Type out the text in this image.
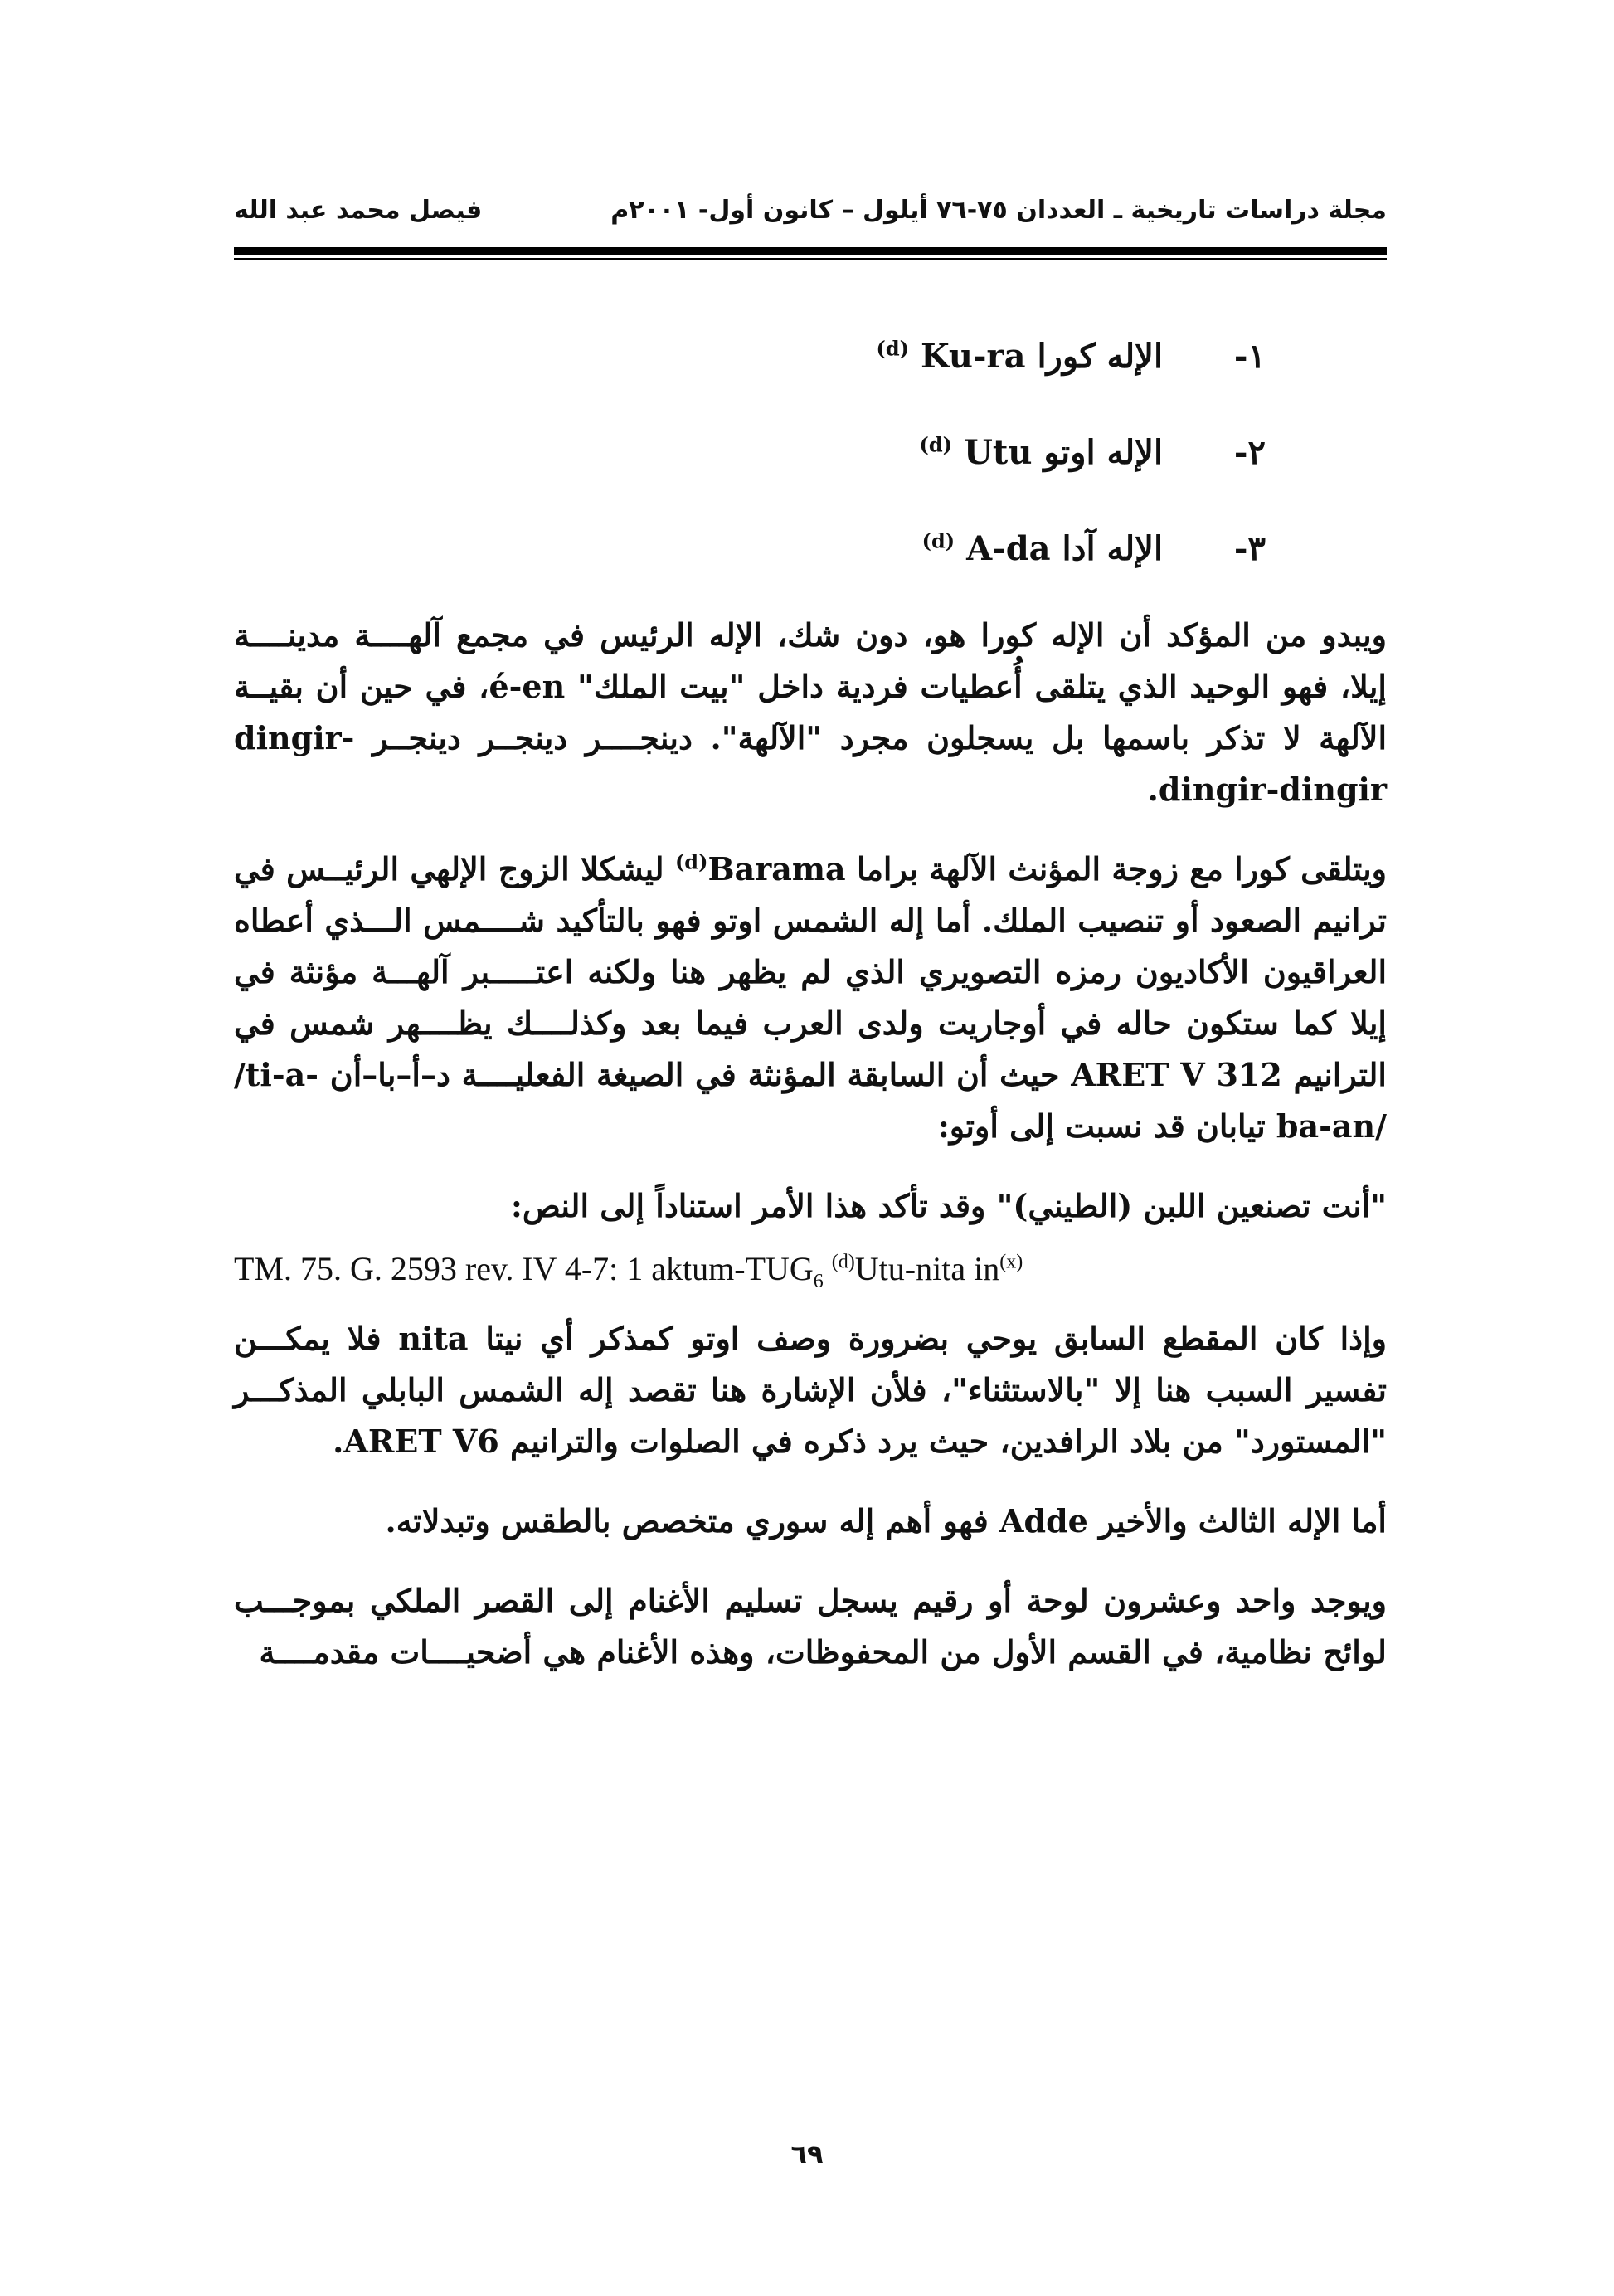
مجلة دراسات تاريخية ـ العددان ٧٥-٧٦ أيلول – كانون أول- ٢٠٠١م
فيصل محمد عبد الله
١- الإله كورا $^{(d)}$ Ku-ra
٢- الإله اوتو $^{(d)}$ Utu
٣- الإله آدا $^{(d)}$ A-da

ويبدو من المؤكد أن الإله كورا هو، دون شك، الإله الرئيس في مجمع آلهــــة مدينــــة إيلا، فهو الوحيد الذي يتلقى أُعطيات فردية داخل "بيت الملك" é-en، في حين أن بقيــة الآلهة لا تذكر باسمها بل يسجلون مجرد "الآلهة". دينجــــر دينجــر دينجــر dingir-dingir-dingir.

ويتلقى كورا مع زوجة المؤنث الآلهة براما $^{(d)}$Barama ليشكلا الزوج الإلهي الرئيــس في ترانيم الصعود أو تنصيب الملك. أما إله الشمس اوتو فهو بالتأكيد شــــمس الـــذي أعطاه العراقيون الأكاديون رمزه التصويري الذي لم يظهر هنا ولكنه اعتـــــبر آلهـــة مؤنثة في إيلا كما ستكون حاله في أوجاريت ولدى العرب فيما بعد وكذلــــك يظــــهر شمس في الترانيم ARET V 312 حيث أن السابقة المؤنثة في الصيغة الفعليــــة د–أ–با–أن /ti-a-ba-an/ تيابان قد نسبت إلى أوتو:

"أنت تصنعين اللبن (الطيني)" وقد تأكد هذا الأمر استناداً إلى النص:

TM. 75. G. 2593 rev. IV 4-7: 1 aktum-$TUG_6$ $^{(d)}$Utu-nita $in^{(x)}$

وإذا كان المقطع السابق يوحي بضرورة وصف اوتو كمذكر أي نيتا nita فلا يمكـــن تفسير السبب هنا إلا "بالاستثناء"، فلأن الإشارة هنا تقصد إله الشمس البابلي المذكـــر "المستورد" من بلاد الرافدين، حيث يرد ذكره في الصلوات والترانيم ARET V6.

أما الإله الثالث والأخير Adde فهو أهم إله سوري متخصص بالطقس وتبدلاته.

ويوجد واحد وعشرون لوحة أو رقيم يسجل تسليم الأغنام إلى القصر الملكي بموجـــب لوائح نظامية، في القسم الأول من المحفوظات، وهذه الأغنام هي أضحيــــات مقدمــــة

٦٩
